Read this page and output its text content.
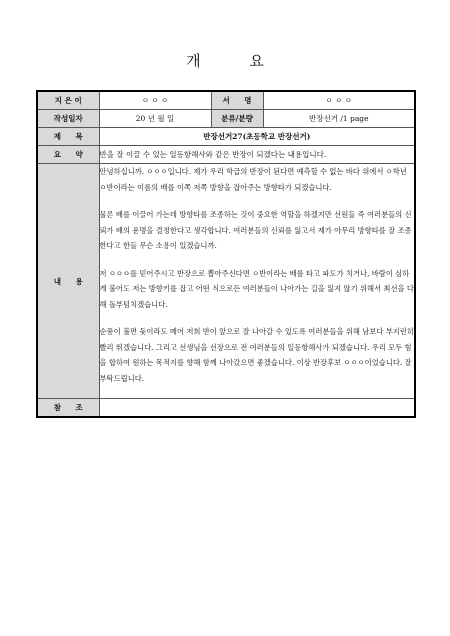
개 요
지 은 이	ㅇ ㅇ ㅇ	서 명	ㅇ ㅇ ㅇ
작성일자	20 년 월 일	분류/분량	반장선거 /1 page
제 목	반장선거27(초등학교 반장선거)		
요 약	반을 잘 이끌 수 있는 일등항해사와 같은 반장이 되겠다는 내용입니다.		
내 용	안녕하십니까. ㅇㅇㅇ입니다. 제가 우리 학급의 반장이 된다면 예측할 수 없는 바다 위에서 ㅇ학년 ㅇ반이라는 이름의 배를 이쪽 저쪽 방향을 잡아주는 방향타가 되겠습니다.

물론 배를 이끌어 가는데 방향타를 조종하는 것이 중요한 역할을 하겠지만 선원들 즉 여러분들의 신뢰가 배의 운명을 결정한다고 생각합니다. 여러분들의 신뢰를 잃고서 제가 아무리 방향타를 잘 조종한다고 한들 무슨 소용이 있겠습니까.

저 ㅇㅇㅇ를 믿어주시고 반장으로 뽑아주신다면 ㅇ반이라는 배를 타고 파도가 치거나, 바람이 심하게 불어도 저는 방향키를 잡고 어떤 식으로든 여러분들이 나아가는 길을 잃지 않기 위해서 최선을 다해 돌부텀치겠습니다.

순풍이 불면 돛이라도 메어 저희 반이 앞으로 잘 나아갈 수 있도록 여러분들을 위해 남보다 부지런히 빨리 뛰겠습니다. 그리고 선생님을 선장으로 전 여러분들의 일등항해사가 되겠습니다. 우리 모두 힘을 합하여 원하는 목적지를 향해 함께 나아갔으면 좋겠습니다. 이상 반장후보 ㅇㅇㅇ이었습니다. 잘 부탁드립니다.		

참 조			
